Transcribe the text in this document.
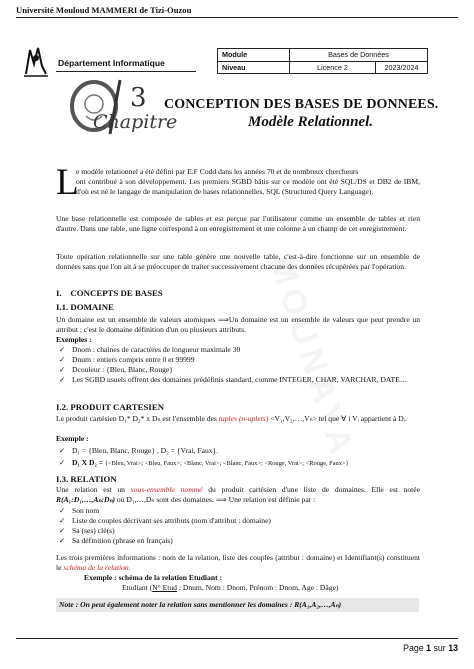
Université Mouloud MAMMERI de Tizi-Ouzou
Département Informatique
Module	Bases de Données	
Niveau	Licence 2	2023/2024
3
Chapitre
CONCEPTION DES BASES DE DONNEES.
Modèle Relationnel.
L

e modèle relationnel a été défini par E.F Codd dans les années 70 et de nombreux chercheurs

ont contribué à son développement. Les premiers SGBD bâtis sur ce modèle ont été SQL/DS et DB2 de IBM, d'où est né le langage de manipulation de bases relationnelles, SQL (Structured Query Language).

Une base relationnelle est composée de tables et est perçue par l'utilisateur comme un ensemble de tables et rien d'autre. Dans une table, une ligne correspond à un enregistrement et une colonne à un champ de cet enregistrement.

Toute opération relationnelle sur une table génère une nouvelle table, c'est-à-dire fonctionne sur un ensemble de données sans que l'on ait à se préoccuper de traiter successivement chacune des données récupérées par l'opération.

I.    CONCEPTS DE BASES
I.1. DOMAINE

Un domaine est un ensemble de valeurs atomiques ⟹Un domaine est un ensemble de valeurs que peut prendre un attribut ; c'est le domaine définition d'un ou plusieurs attributs.

Exemples :
✓ Dnom : chaines de caractères de longueur maximale 30
✓ Dnum : entiers compris entre 0 et 99999
✓ Dcouleur : {Bleu, Blanc, Rouge}
✓ Les SGBD usuels offrent des domaines prédéfinis standard, comme INTEGER, CHAR, VARCHAR, DATE…
I.2. PRODUIT CARTESIEN

Le produit cartésien D₁* D₂* x Dₙ est l'ensemble des tuples (n-uplets) <V₁,V₂,…,Vₙ> tel que ∀ i Vᵢ appartient à Dᵢ.

Exemple :
✓ D₁ = {Bleu, Blanc, Rouge} , D₂ = {Vrai, Faux}.
✓ D₁ X D₂ = {<Bleu, Vrai>; <Bleu, Faux>; <Blanc, Vrai>; <Blanc, Faux>; <Rouge, Vrai>; <Rouge, Faux>}
I.3. RELATION

Une relation est un sous-ensemble nommé du produit cartésien d'une liste de domaines. Elle est notée R(A₁:D₁,…,Aₙ:Dₙ) où D₁,…,Dₙ sont des domaines. ⟹ Une relation est définie par :

✓ Son nom
✓ Liste de couples décrivant ses attributs (nom d'attribut : domaine)
✓ Sa (ses) clé(s)
✓ Sa définition (phrase en français)

Les trois premières informations : nom de la relation, liste des couples (attribut : domaine) et Identifiant(s) constituent le schéma de la relation.

Exemple : schéma de la relation Etudiant :
Etudiant (N° Etud : Dnum, Nom : Dnom, Prénom : Dnom, Age : Dâge)
Note : On peut également noter la relation sans mentionner les domaines : R(A₁,A₂,…,Aₙ)
Page 1 sur 13
